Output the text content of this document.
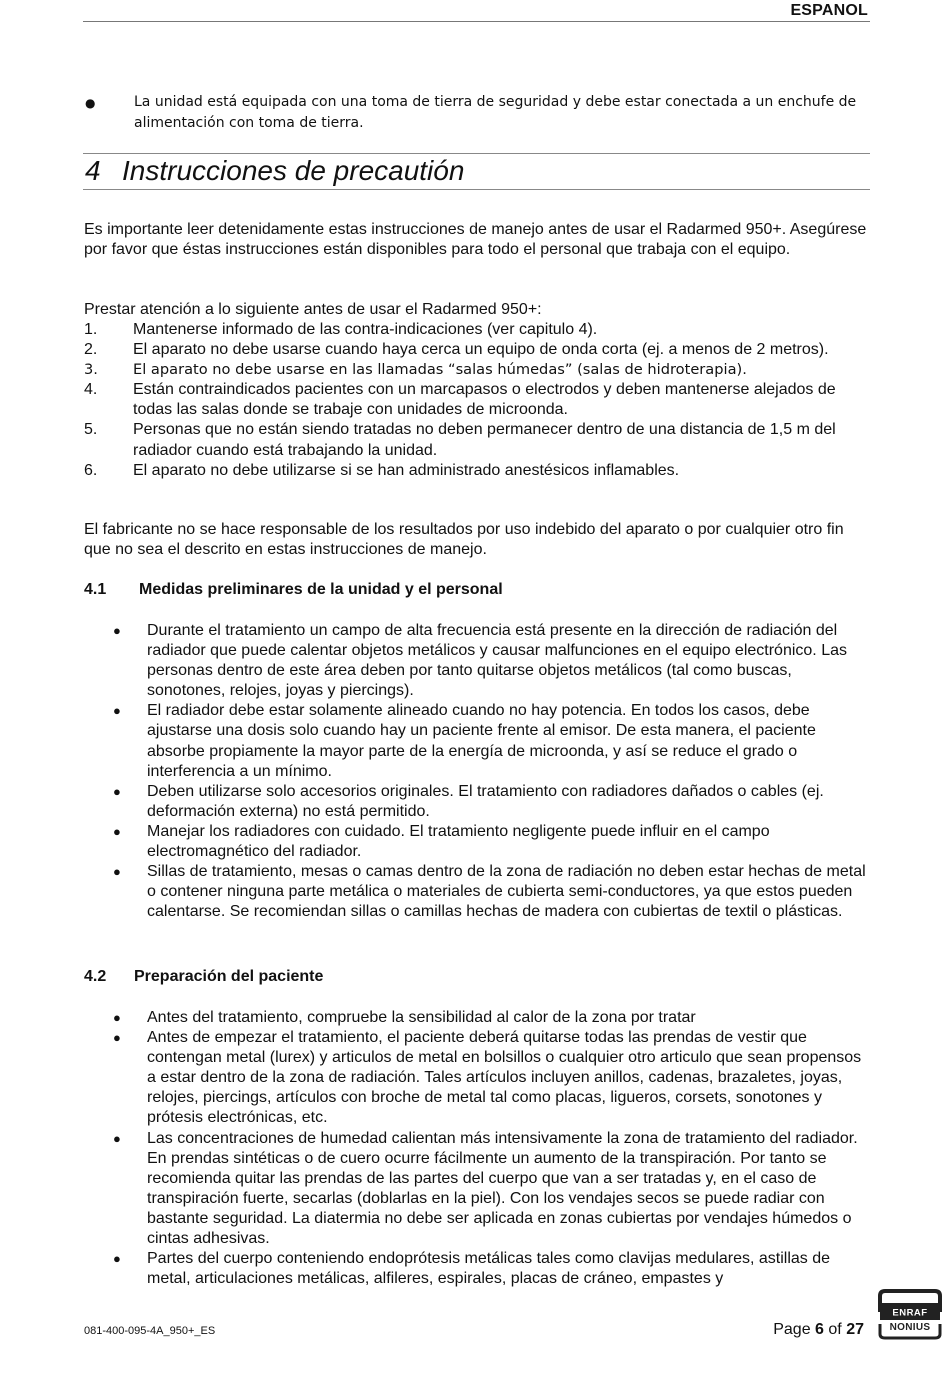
ESPANOL
●	La unidad está equipada con una toma de tierra de seguridad y debe estar conectada a un enchufe de alimentación con toma de tierra.
4 Instrucciones de precautión
Es importante leer detenidamente estas instrucciones de manejo antes de usar el Radarmed 950+. Asegúrese por favor que éstas instrucciones están disponibles para todo el personal que trabaja con el equipo.
Prestar atención a lo siguiente antes de usar el Radarmed 950+:
1. Mantenerse informado de las contra-indicaciones (ver capitulo 4).
2. El aparato no debe usarse cuando haya cerca un equipo de onda corta (ej. a menos de 2 metros).
3. El aparato no debe usarse en las llamadas “salas húmedas” (salas de hidroterapia).
4. Están contraindicados pacientes con un marcapasos o electrodos y deben mantenerse alejados de todas las salas donde se trabaje con unidades de microonda.
5. Personas que no están siendo tratadas no deben permanecer dentro de una distancia de 1,5 m del radiador cuando está trabajando la unidad.
6. El aparato no debe utilizarse si se han administrado anestésicos inflamables.
El fabricante no se hace responsable de los resultados por uso indebido del aparato o por cualquier otro fin que no sea el descrito en estas instrucciones de manejo.
4.1 Medidas preliminares de la unidad y el personal
● Durante el tratamiento un campo de alta frecuencia está presente en la dirección de radiación del radiador que puede calentar objetos metálicos y causar malfunciones en el equipo electrónico. Las personas dentro de este área deben por tanto quitarse objetos metálicos (tal como buscas, sonotones, relojes, joyas y piercings).
● El radiador debe estar solamente alineado cuando no hay potencia. En todos los casos, debe ajustarse una dosis solo cuando hay un paciente frente al emisor. De esta manera, el paciente absorbe propiamente la mayor parte de la energía de microonda, y así se reduce el grado o interferencia a un mínimo.
● Deben utilizarse solo accesorios originales. El tratamiento con radiadores dañados o cables (ej. deformación externa) no está permitido.
● Manejar los radiadores con cuidado. El tratamiento negligente puede influir en el campo electromagnético del radiador.
● Sillas de tratamiento, mesas o camas dentro de la zona de radiación no deben estar hechas de metal o contener ninguna parte metálica o materiales de cubierta semi-conductores, ya que estos pueden calentarse. Se recomiendan sillas o camillas hechas de madera con cubiertas de textil o plásticas.
4.2 Preparación del paciente
● Antes del tratamiento, compruebe la sensibilidad al calor de la zona por tratar
● Antes de empezar el tratamiento, el paciente deberá quitarse todas las prendas de vestir que contengan metal (lurex) y articulos de metal en bolsillos o cualquier otro articulo que sean propensos a estar dentro de la zona de radiación. Tales artículos incluyen anillos, cadenas, brazaletes, joyas, relojes, piercings, artículos con broche de metal tal como placas, ligueros, corsets, sonotones y prótesis electrónicas, etc.
● Las concentraciones de humedad calientan más intensivamente la zona de tratamiento del radiador. En prendas sintéticas o de cuero ocurre fácilmente un aumento de la transpiración. Por tanto se recomienda quitar las prendas de las partes del cuerpo que van a ser tratadas y, en el caso de transpiración fuerte, secarlas (doblarlas en la piel). Con los vendajes secos se puede radiar con bastante seguridad. La diatermia no debe ser aplicada en zonas cubiertas por vendajes húmedos o cintas adhesivas.
● Partes del cuerpo conteniendo endoprótesis metálicas tales como clavijas medulares, astillas de metal, articulaciones metálicas, alfileres, espirales, placas de cráneo, empastes y
081-400-095-4A_950+_ES	Page 6 of 27
ENRAF
NONIUS
